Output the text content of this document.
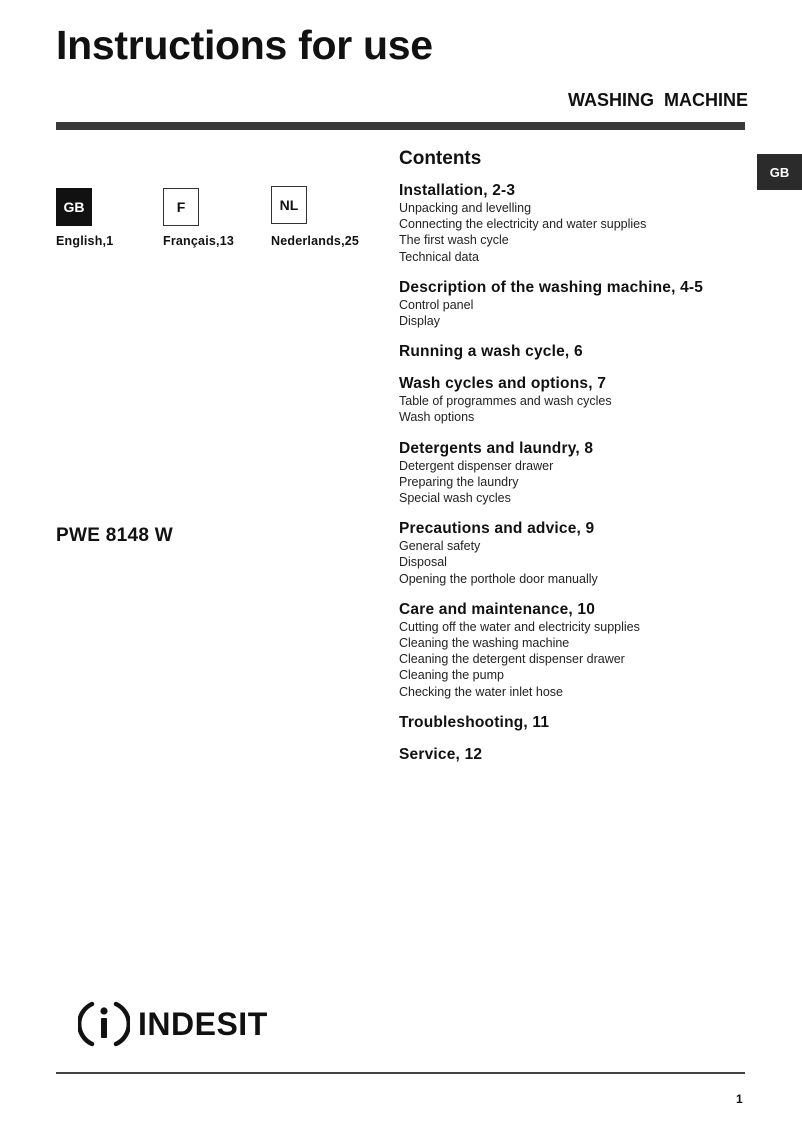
Instructions for use
WASHING MACHINE
GB
GB
English,1
F
Français,13
NL
Nederlands,25
PWE 8148 W
Contents
Installation, 2-3
Unpacking and levelling
Connecting the electricity and water supplies
The first wash cycle
Technical data
Description of the washing machine, 4-5
Control panel
Display
Running a wash cycle, 6
Wash cycles and options, 7
Table of programmes and wash cycles
Wash options
Detergents and laundry, 8
Detergent dispenser drawer
Preparing the laundry
Special wash cycles
Precautions and advice, 9
General safety
Disposal
Opening the porthole door manually
Care and maintenance, 10
Cutting off the water and electricity supplies
Cleaning the washing machine
Cleaning the detergent dispenser drawer
Cleaning the pump
Checking the water inlet hose
Troubleshooting, 11
Service, 12
INDESIT
1
